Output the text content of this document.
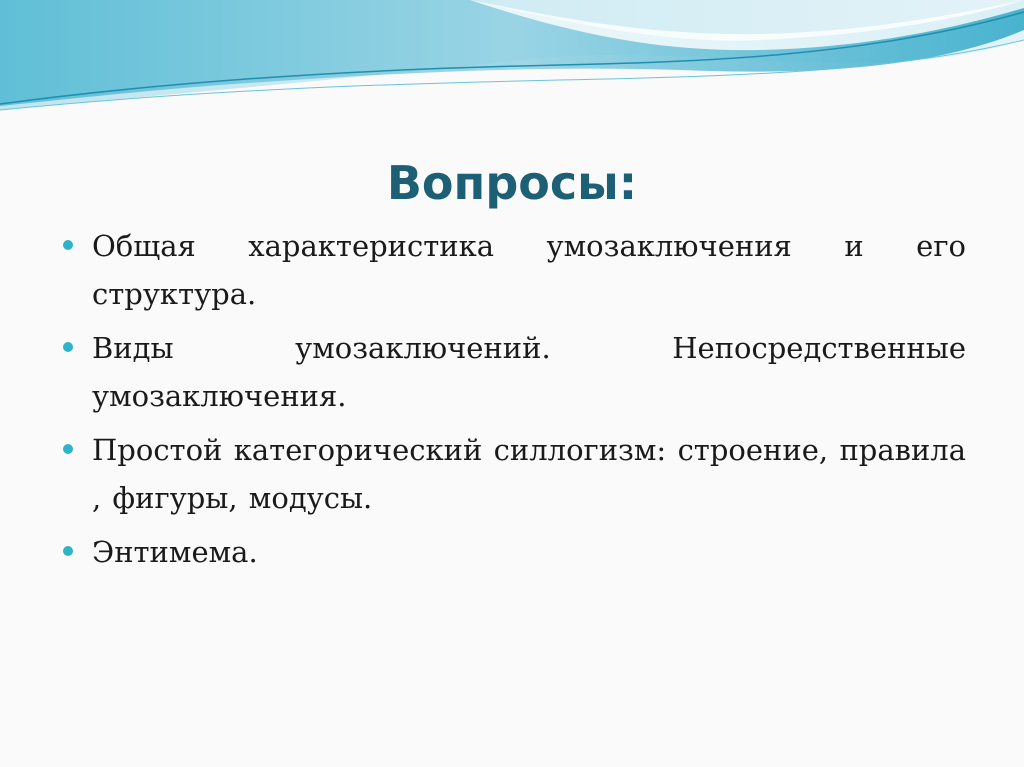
Вопросы:
Общая характеристика умозаключения и его структура.
Виды умозаключений. Непосредственные умозаключения.
Простой категорический силлогизм: строение, правила , фигуры, модусы.
Энтимема.
